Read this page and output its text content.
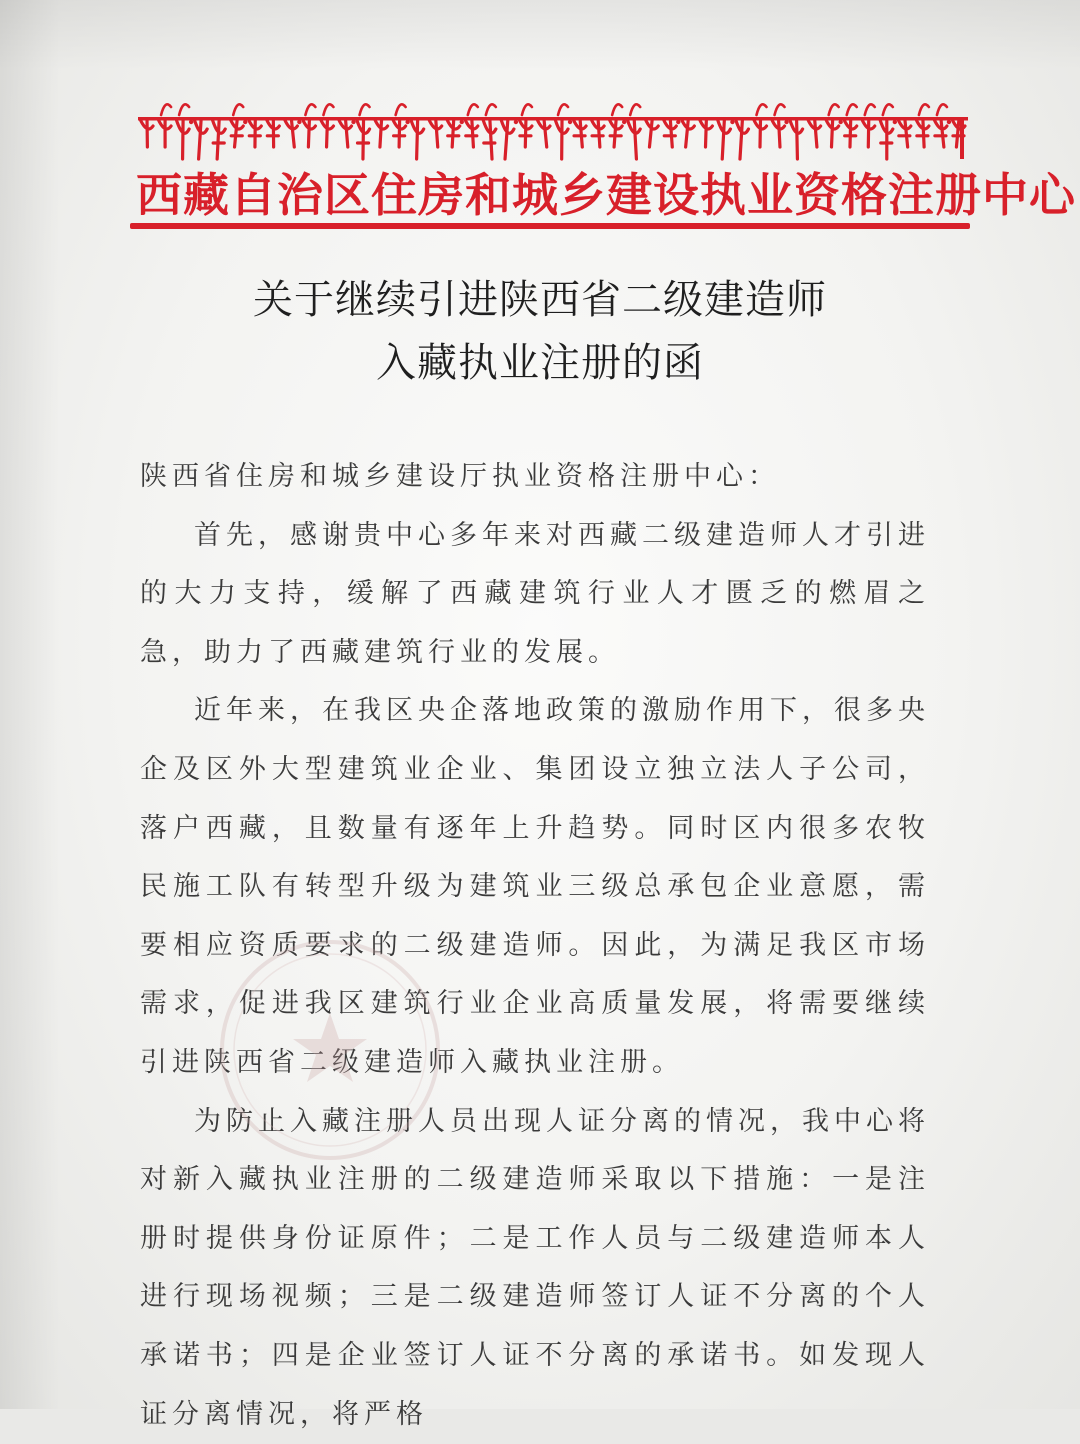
西藏自治区住房和城乡建设执业资格注册中心
关于继续引进陕西省二级建造师
入藏执业注册的函

陕西省住房和城乡建设厅执业资格注册中心：

首先，感谢贵中心多年来对西藏二级建造师人才引进的大力支持，缓解了西藏建筑行业人才匮乏的燃眉之急，助力了西藏建筑行业的发展。

近年来，在我区央企落地政策的激励作用下，很多央企及区外大型建筑业企业、集团设立独立法人子公司，落户西藏，且数量有逐年上升趋势。同时区内很多农牧民施工队有转型升级为建筑业三级总承包企业意愿，需要相应资质要求的二级建造师。因此，为满足我区市场需求，促进我区建筑行业企业高质量发展，将需要继续引进陕西省二级建造师入藏执业注册。

为防止入藏注册人员出现人证分离的情况，我中心将对新入藏执业注册的二级建造师采取以下措施：一是注册时提供身份证原件；二是工作人员与二级建造师本人进行现场视频；三是二级建造师签订人证不分离的个人承诺书；四是企业签订人证不分离的承诺书。如发现人证分离情况，将严格
